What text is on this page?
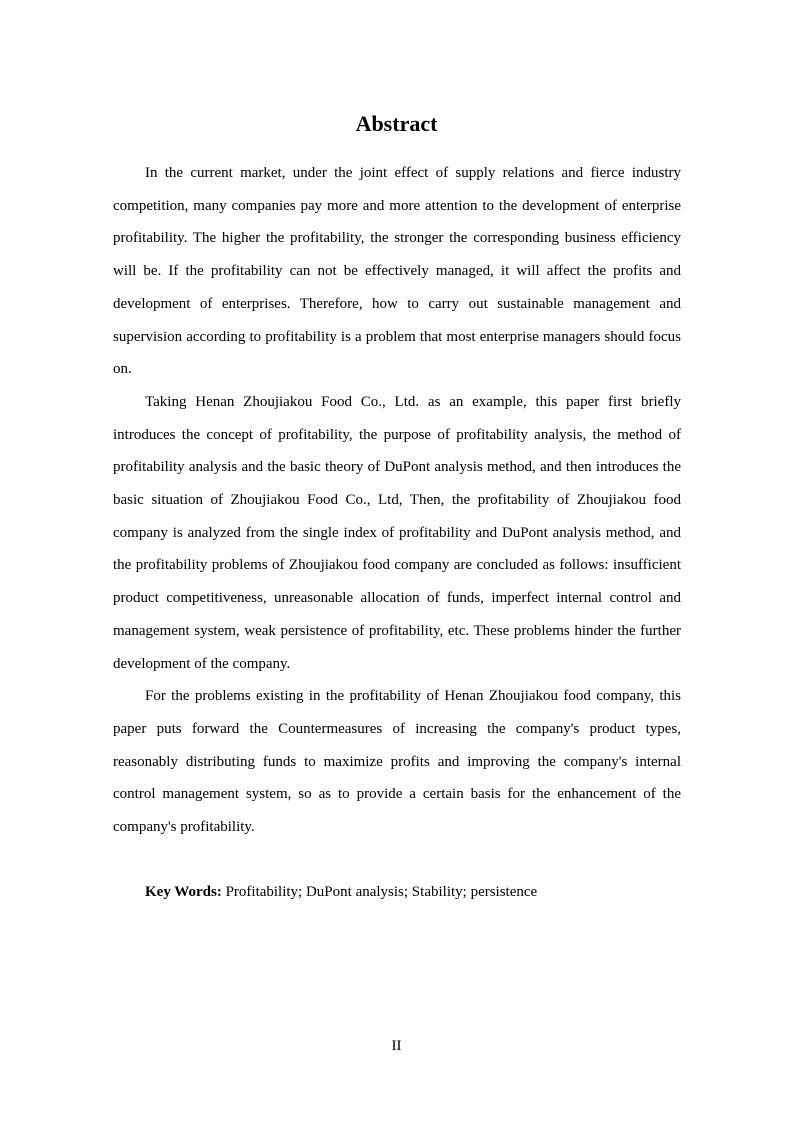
Abstract

In the current market, under the joint effect of supply relations and fierce industry competition, many companies pay more and more attention to the development of enterprise profitability. The higher the profitability, the stronger the corresponding business efficiency will be. If the profitability can not be effectively managed, it will affect the profits and development of enterprises. Therefore, how to carry out sustainable management and supervision according to profitability is a problem that most enterprise managers should focus on.

Taking Henan Zhoujiakou Food Co., Ltd. as an example, this paper first briefly introduces the concept of profitability, the purpose of profitability analysis, the method of profitability analysis and the basic theory of DuPont analysis method, and then introduces the basic situation of Zhoujiakou Food Co., Ltd, Then, the profitability of Zhoujiakou food company is analyzed from the single index of profitability and DuPont analysis method, and the profitability problems of Zhoujiakou food company are concluded as follows: insufficient product competitiveness, unreasonable allocation of funds, imperfect internal control and management system, weak persistence of profitability, etc. These problems hinder the further development of the company.

For the problems existing in the profitability of Henan Zhoujiakou food company, this paper puts forward the Countermeasures of increasing the company's product types, reasonably distributing funds to maximize profits and improving the company's internal control management system, so as to provide a certain basis for the enhancement of the company's profitability.

Key Words: Profitability; DuPont analysis; Stability; persistence

II
